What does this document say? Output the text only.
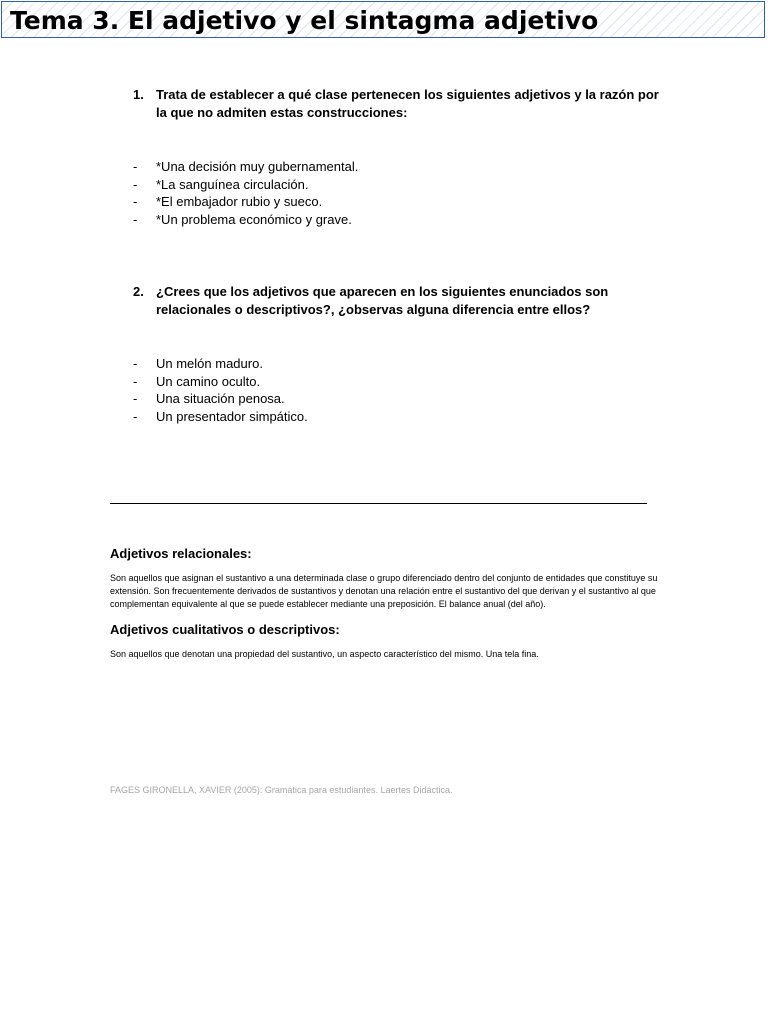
Tema 3. El adjetivo y el sintagma adjetivo
1. Trata de establecer a qué clase pertenecen los siguientes adjetivos y la razón por la que no admiten estas construcciones:
-	*Una decisión muy gubernamental.
-	*La sanguínea circulación.
-	*El embajador rubio y sueco.
-	*Un problema económico y grave.
2. ¿Crees que los adjetivos que aparecen en los siguientes enunciados son relacionales o descriptivos?, ¿observas alguna diferencia entre ellos?
-	Un melón maduro.
-	Un camino oculto.
-	Una situación penosa.
-	Un presentador simpático.
Adjetivos relacionales:
Son aquellos que asignan el sustantivo a una determinada clase o grupo diferenciado dentro del conjunto de entidades que constituye su extensión. Son frecuentemente derivados de sustantivos y denotan una relación entre el sustantivo del que derivan y el sustantivo al que complementan equivalente al que se puede establecer mediante una preposición. El balance anual (del año).
Adjetivos cualitativos o descriptivos:
Son aquellos que denotan una propiedad del sustantivo, un aspecto característico del mismo. Una tela fina.
FAGES GIRONELLA, XAVIER (2005): Gramática para estudiantes. Laertes Didáctica.
